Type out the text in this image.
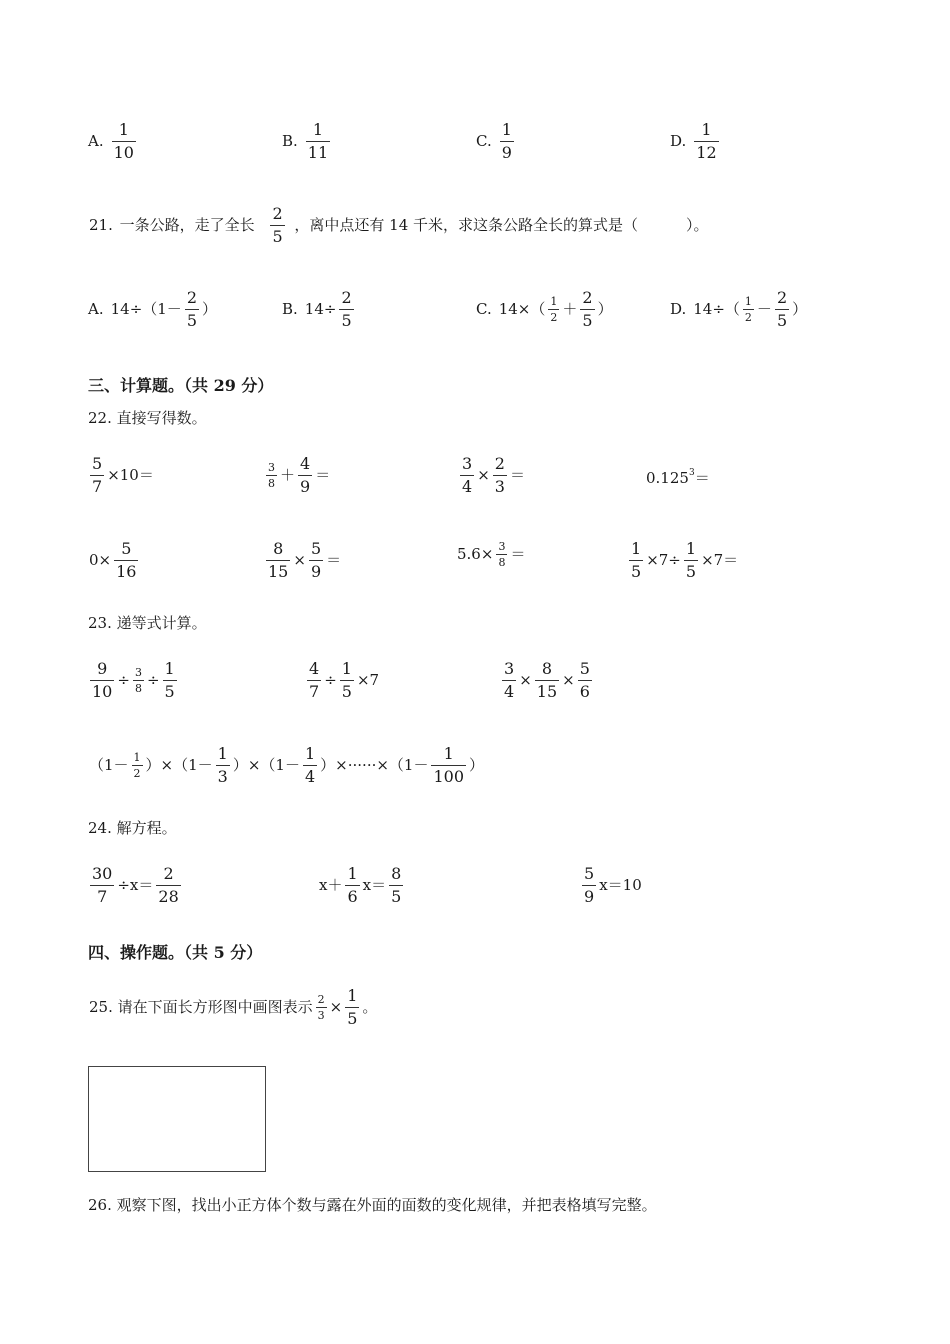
A. $\frac{1}{10}$	B. $\frac{1}{11}$	C. $\frac{1}{9}$	D. $\frac{1}{12}$
21. 一条公路，走了全长 $\frac{2}{5}$ ，离中点还有 14 千米，求这条公路全长的算式是（	）。
A. $14\div(1- \frac{2}{5}$ ）	B. $14\div \frac{2}{5}$	C. $14\times( \frac{1}{2} + \frac{2}{5}$ ）	D. $14\div( \frac{1}{2} - \frac{2}{5}$ ）
三、计算题。（共 29 分）
22. 直接写得数。
$\frac{5}{7} \times 10=$	$\frac{3}{8} + \frac{4}{9}$ ＝	$\frac{3}{4} \times \frac{2}{3}$ ＝	$0.125^3=$
$0\times \frac{5}{16}$	$\frac{8}{15} \times \frac{5}{9}$ ＝	$5.6\times \frac{3}{8}$ ＝	$\frac{1}{5} \times 7\div \frac{1}{5} \times 7=$
23. 递等式计算。
$\frac{9}{10} \div \frac{3}{8} \div \frac{1}{5}$	$\frac{4}{7} \div \frac{1}{5} \times 7$	$\frac{3}{4} \times \frac{8}{15} \times \frac{5}{6}$
$(1- \frac{1}{2} )\times(1- \frac{1}{3} )\times(1- \frac{1}{4} )\times\cdot\cdot\cdot\cdot\cdot\cdot\times(1- \frac{1}{100}$ ）
24. 解方程。
$\frac{30}{7} \div x= \frac{2}{28}$	$x+ \frac{1}{6} x= \frac{8}{5}$	$\frac{5}{9} x=10$
四、操作题。（共 5 分）
25. 请在下面长方形图中画图表示 $\frac{2}{3} \times \frac{1}{5}$ 。
26. 观察下图，找出小正方体个数与露在外面的面数的变化规律，并把表格填写完整。
